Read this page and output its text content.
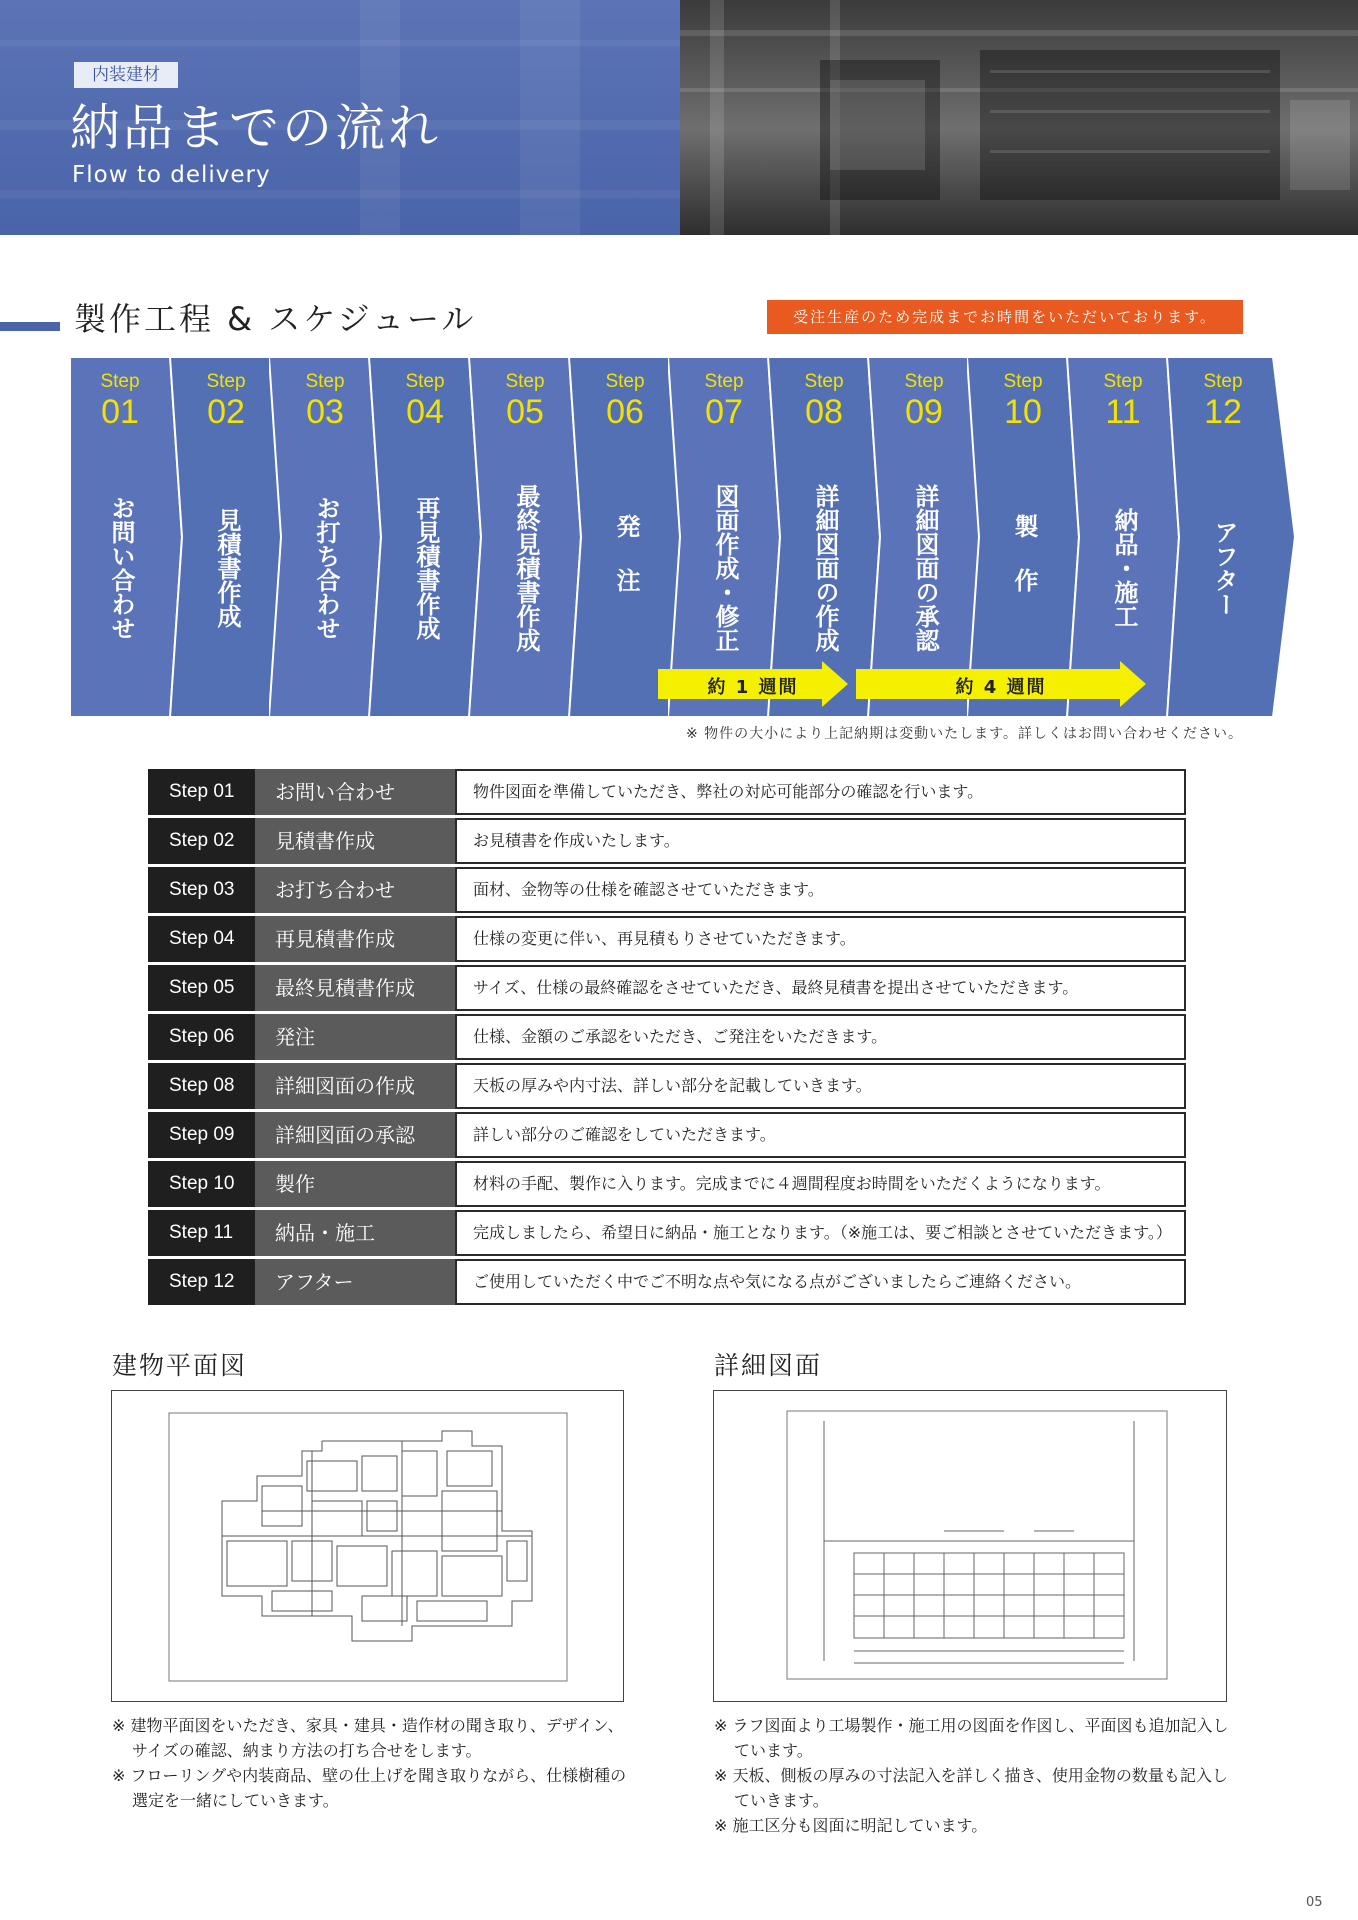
内装建材
納品までの流れ
Flow to delivery
製作工程 & スケジュール	受注生産のため完成までお時間をいただいております。
Step
01
お問い合わせ
Step
02
見積書作成
Step
03
お打ち合わせ
Step
04
再見積書作成
Step
05
最終見積書作成
Step
06
発注
Step
07
図面作成・修正
Step
08
詳細図面の作成
Step
09
詳細図面の承認
Step
10
製作
Step
11
納品・施工
Step
12
アフター
約 1 週間	約 4 週間
※ 物件の大小により上記納期は変動いたします。詳しくはお問い合わせください。
Step 01	お問い合わせ	物件図面を準備していただき、弊社の対応可能部分の確認を行います。
Step 02	見積書作成	お見積書を作成いたします。
Step 03	お打ち合わせ	面材、金物等の仕様を確認させていただきます。
Step 04	再見積書作成	仕様の変更に伴い、再見積もりさせていただきます。
Step 05	最終見積書作成	サイズ、仕様の最終確認をさせていただき、最終見積書を提出させていただきます。
Step 06	発注	仕様、金額のご承認をいただき、ご発注をいただきます。
Step 08	詳細図面の作成	天板の厚みや内寸法、詳しい部分を記載していきます。
Step 09	詳細図面の承認	詳しい部分のご確認をしていただきます。
Step 10	製作	材料の手配、製作に入ります。完成までに４週間程度お時間をいただくようになります。
Step 11	納品・施工	完成しましたら、希望日に納品・施工となります。（※施工は、要ご相談とさせていただきます。）
Step 12	アフター	ご使用していただく中でご不明な点や気になる点がございましたらご連絡ください。
建物平面図
※ 建物平面図をいただき、家具・建具・造作材の聞き取り、デザイン、サイズの確認、納まり方法の打ち合せをします。
※ フローリングや内装商品、壁の仕上げを聞き取りながら、仕様樹種の選定を一緒にしていきます。
詳細図面
※ ラフ図面より工場製作・施工用の図面を作図し、平面図も追加記入しています。
※ 天板、側板の厚みの寸法記入を詳しく描き、使用金物の数量も記入していきます。
※ 施工区分も図面に明記しています。
05
